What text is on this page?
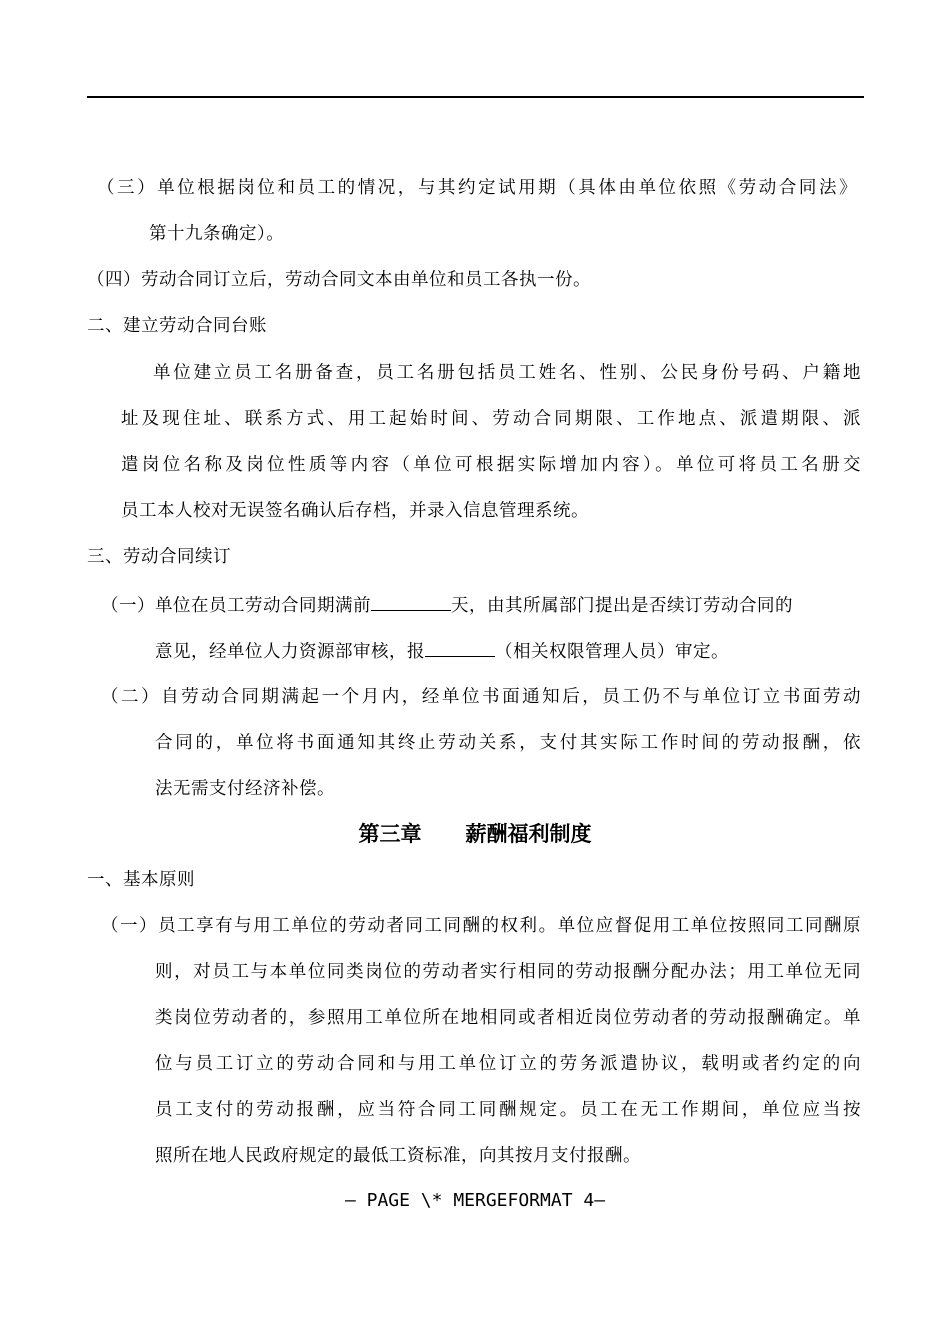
（三）单位根据岗位和员工的情况，与其约定试用期（具体由单位依照《劳动合同法》
第十九条确定）。
（四）劳动合同订立后，劳动合同文本由单位和员工各执一份。
二、建立劳动合同台账
单位建立员工名册备查，员工名册包括员工姓名、性别、公民身份号码、户籍地
址及现住址、联系方式、用工起始时间、劳动合同期限、工作地点、派遣期限、派
遣岗位名称及岗位性质等内容（单位可根据实际增加内容）。单位可将员工名册交
员工本人校对无误签名确认后存档，并录入信息管理系统。
三、劳动合同续订
（一）单位在员工劳动合同期满前	天，由其所属部门提出是否续订劳动合同的
意见，经单位人力资源部审核，报	（相关权限管理人员）审定。
（二）自劳动合同期满起一个月内，经单位书面通知后，员工仍不与单位订立书面劳动
合同的，单位将书面通知其终止劳动关系，支付其实际工作时间的劳动报酬，依
法无需支付经济补偿。
第三章 薪酬福利制度
一、基本原则
（一）员工享有与用工单位的劳动者同工同酬的权利。单位应督促用工单位按照同工同酬原
则，对员工与本单位同类岗位的劳动者实行相同的劳动报酬分配办法；用工单位无同
类岗位劳动者的，参照用工单位所在地相同或者相近岗位劳动者的劳动报酬确定。单
位与员工订立的劳动合同和与用工单位订立的劳务派遣协议，载明或者约定的向
员工支付的劳动报酬，应当符合同工同酬规定。员工在无工作期间，单位应当按
照所在地人民政府规定的最低工资标准，向其按月支付报酬。
— PAGE \* MERGEFORMAT 4—
